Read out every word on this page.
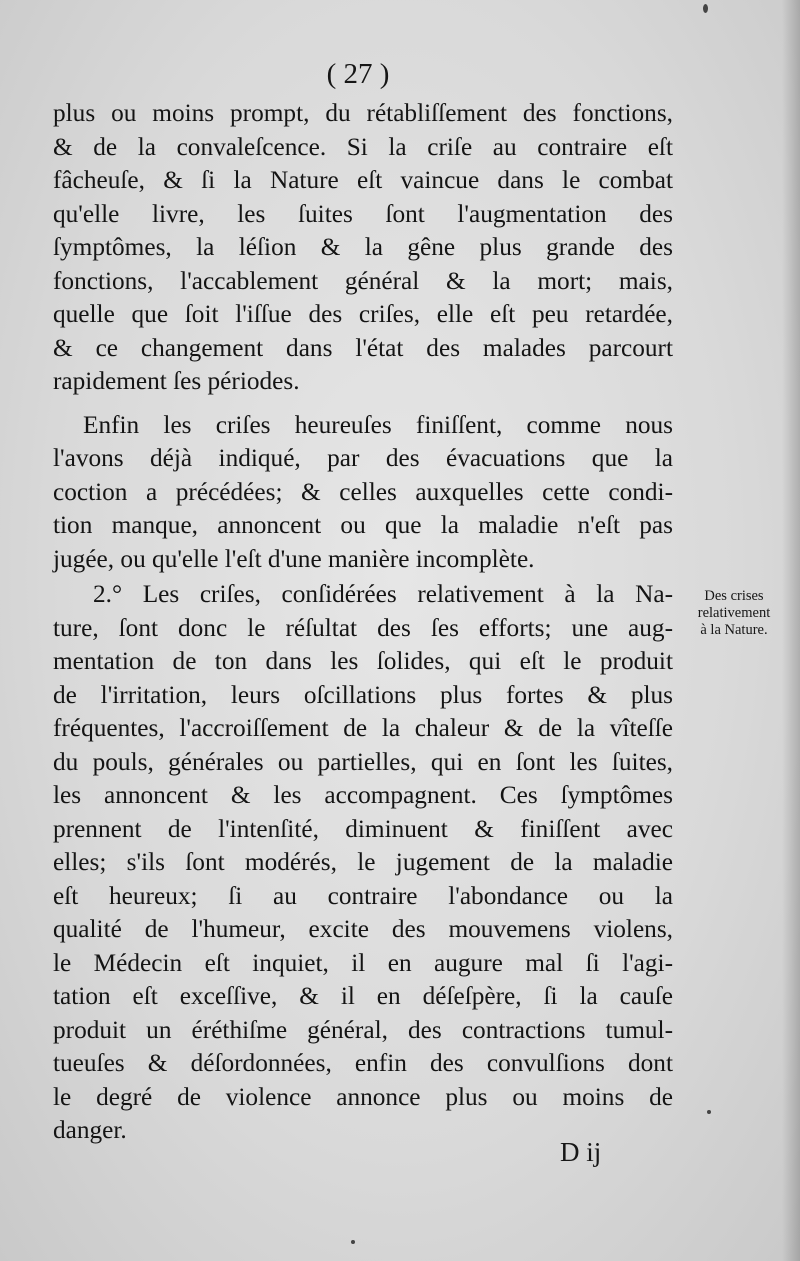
( 27 )
plus ou moins prompt, du rétabliſſement des fonctions,
& de la convaleſcence. Si la criſe au contraire eſt
fâcheuſe, & ſi la Nature eſt vaincue dans le combat
qu'elle livre, les ſuites ſont l'augmentation des
ſymptômes, la léſion & la gêne plus grande des
fonctions, l'accablement général & la mort; mais,
quelle que ſoit l'iſſue des criſes, elle eſt peu retardée,
& ce changement dans l'état des malades parcourt
rapidement ſes périodes.
Enfin les criſes heureuſes finiſſent, comme nous
l'avons déjà indiqué, par des évacuations que la
coction a précédées; & celles auxquelles cette condi-
tion manque, annoncent ou que la maladie n'eſt pas
jugée, ou qu'elle l'eſt d'une manière incomplète.
2.° Les criſes, conſidérées relativement à la Na-
ture, ſont donc le réſultat des ſes efforts; une aug-
mentation de ton dans les ſolides, qui eſt le produit
de l'irritation, leurs oſcillations plus fortes & plus
fréquentes, l'accroiſſement de la chaleur & de la vîteſſe
du pouls, générales ou partielles, qui en ſont les ſuites,
les annoncent & les accompagnent. Ces ſymptômes
prennent de l'intenſité, diminuent & finiſſent avec
elles; s'ils ſont modérés, le jugement de la maladie
eſt heureux; ſi au contraire l'abondance ou la
qualité de l'humeur, excite des mouvemens violens,
le Médecin eſt inquiet, il en augure mal ſi l'agi-
tation eſt exceſſive, & il en déſeſpère, ſi la cauſe
produit un éréthiſme général, des contractions tumul-
tueuſes & déſordonnées, enfin des convulſions dont
le degré de violence annonce plus ou moins de
danger.
Des crises
relativement
à la Nature.
D ij
